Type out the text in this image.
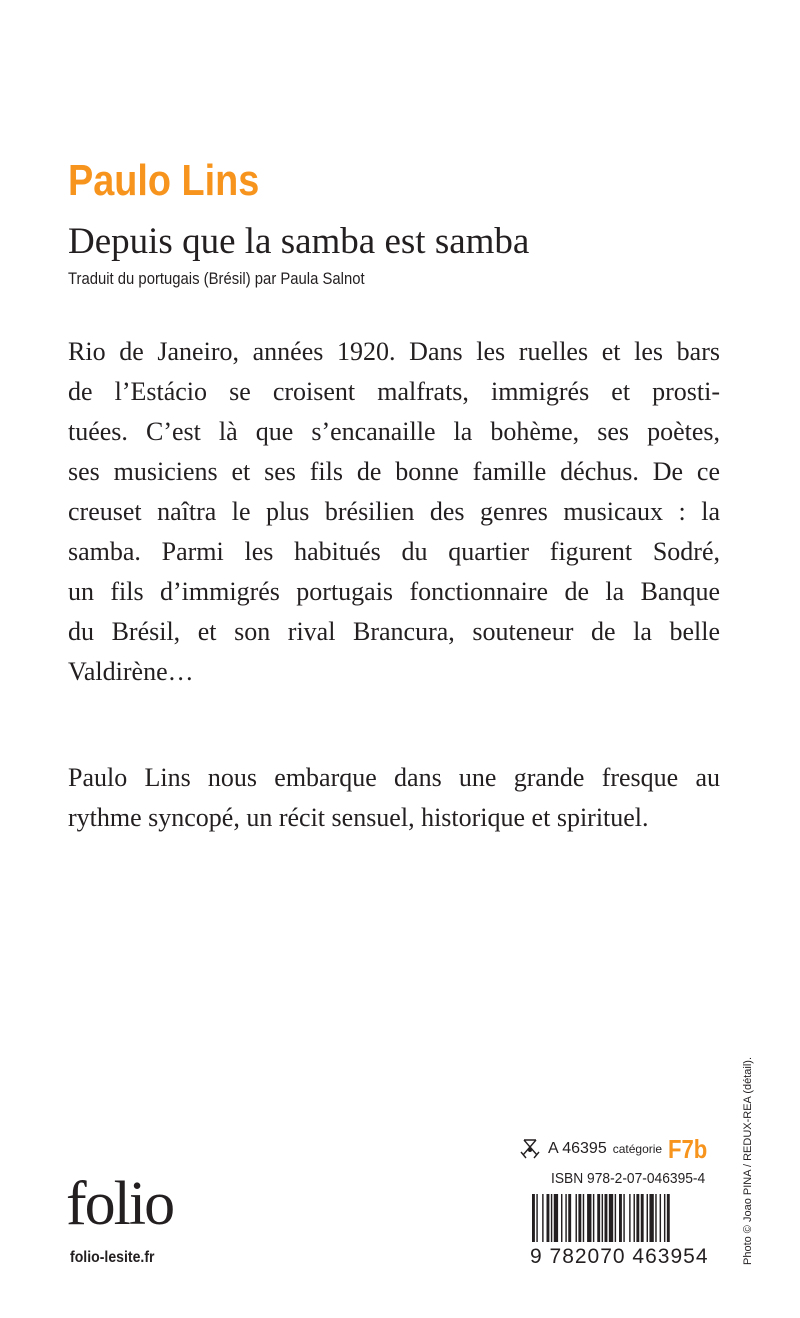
Paulo Lins
Depuis que la samba est samba
Traduit du portugais (Brésil) par Paula Salnot
Rio de Janeiro, années 1920. Dans les ruelles et les bars
de l’Estácio se croisent malfrats, immigrés et prosti-
tuées. C’est là que s’encanaille la bohème, ses poètes,
ses musiciens et ses fils de bonne famille déchus. De ce
creuset naîtra le plus brésilien des genres musicaux : la
samba. Parmi les habitués du quartier figurent Sodré,
un fils d’immigrés portugais fonctionnaire de la Banque
du Brésil, et son rival Brancura, souteneur de la belle
Valdirène…
Paulo Lins nous embarque dans une grande fresque au
rythme syncopé, un récit sensuel, historique et spirituel.
A 46395 catégorie F7b
ISBN 978-2-07-046395-4
9 782070 463954
folio
folio-lesite.fr	Photo © Joao PINA / REDUX-REA (détail).
